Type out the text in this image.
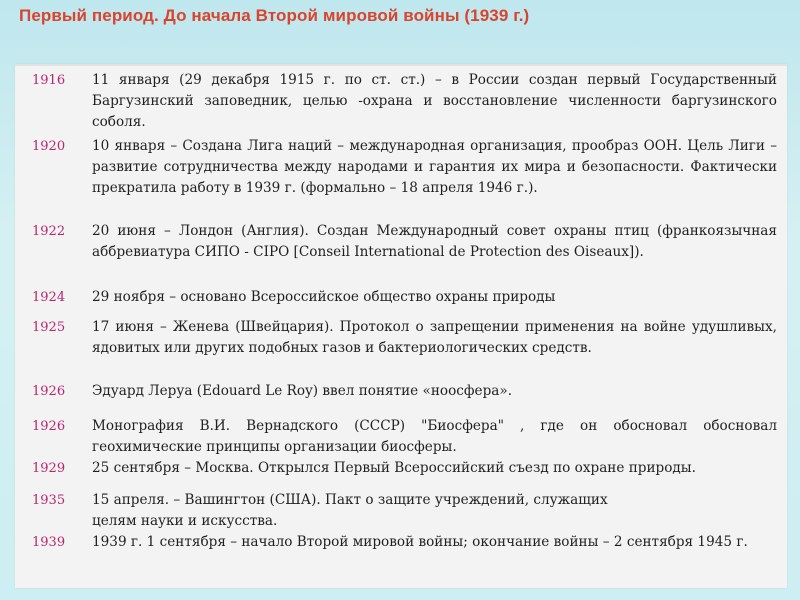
Первый период. До начала Второй мировой войны (1939 г.)
1916 11 января (29 декабря 1915 г. по ст. ст.) – в России создан первый Государственный Баргузинский заповедник, целью -охрана и восстановление численности баргузинского соболя.
1920 10 января – Создана Лига наций – международная организация, прообраз ООН. Цель Лиги – развитие сотрудничества между народами и гарантия их мира и безопасности. Фактически прекратила работу в 1939 г. (формально – 18 апреля 1946 г.).
1922 20 июня – Лондон (Англия). Создан Международный совет охраны птиц (франкоязычная аббревиатура СИПО - CIPO [Conseil International de Protection des Oiseaux]).
1924 29 ноября – основано Всероссийское общество охраны природы
1925 17 июня – Женева (Швейцария). Протокол о запрещении применения на войне удушливых, ядовитых или других подобных газов и бактериологических средств.
1926 Эдуард Леруа (Edouard Le Roy) ввел понятие «ноосфера».
1926 Монография В.И. Вернадского (СССР) "Биосфера" , где он обосновал обосновал геохимические принципы организации биосферы.
1929 25 сентября – Москва. Открылся Первый Всероссийский съезд по охране природы.
1935 15 апреля. – Вашингтон (США). Пакт о защите учреждений, служащих
целям науки и искусства.
1939 1939 г. 1 сентября – начало Второй мировой войны; окончание войны – 2 сентября 1945 г.
